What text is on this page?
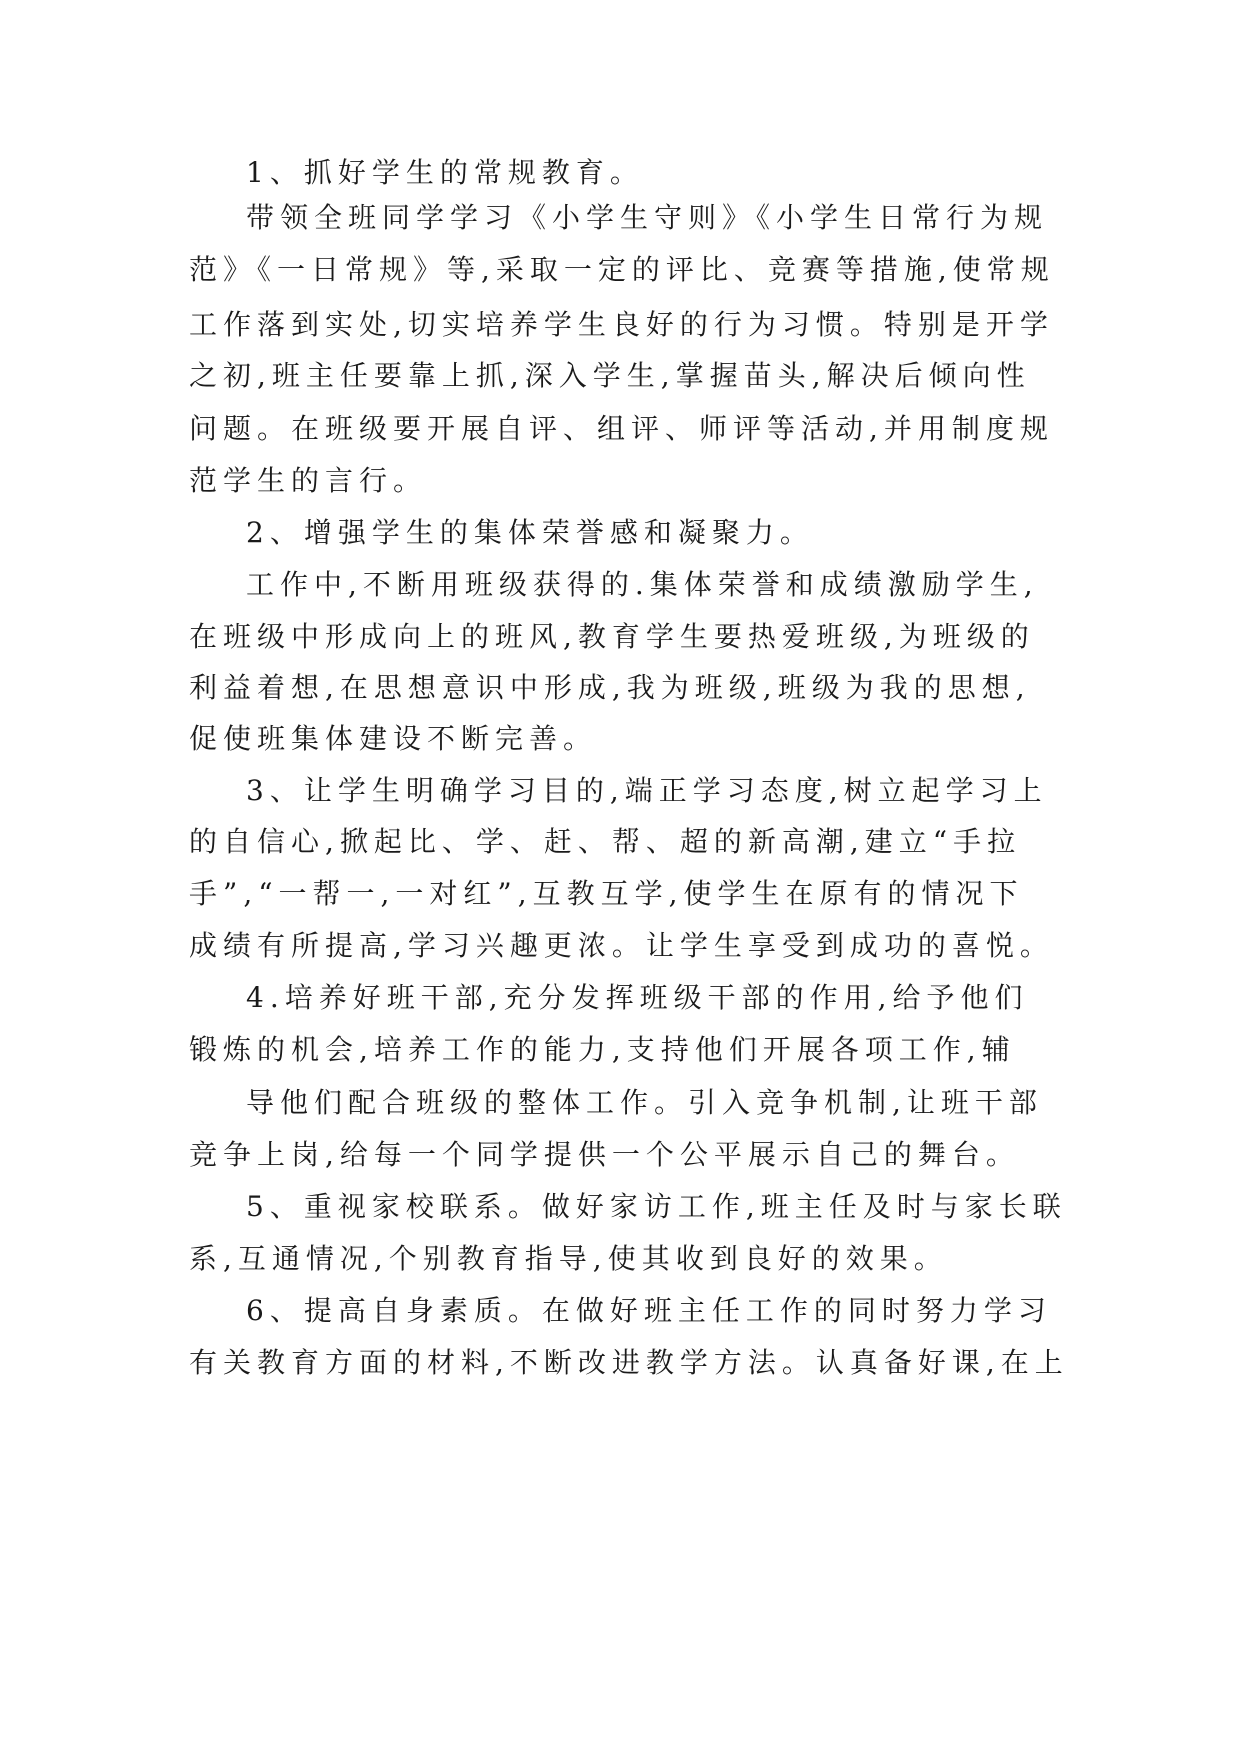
1、抓好学生的常规教育。
带领全班同学学习《小学生守则》《小学生日常行为规
范》《一日常规》等,采取一定的评比、竞赛等措施,使常规
工作落到实处,切实培养学生良好的行为习惯。特别是开学
之初,班主任要靠上抓,深入学生,掌握苗头,解决后倾向性
问题。在班级要开展自评、组评、师评等活动,并用制度规
范学生的言行。
2、增强学生的集体荣誉感和凝聚力。
工作中,不断用班级获得的.集体荣誉和成绩激励学生,
在班级中形成向上的班风,教育学生要热爱班级,为班级的
利益着想,在思想意识中形成,我为班级,班级为我的思想,
促使班集体建设不断完善。
3、让学生明确学习目的,端正学习态度,树立起学习上
的自信心,掀起比、学、赶、帮、超的新高潮,建立“手拉
手”,“一帮一,一对红”,互教互学,使学生在原有的情况下
成绩有所提高,学习兴趣更浓。让学生享受到成功的喜悦。
4.培养好班干部,充分发挥班级干部的作用,给予他们
锻炼的机会,培养工作的能力,支持他们开展各项工作,辅
导他们配合班级的整体工作。引入竞争机制,让班干部
竞争上岗,给每一个同学提供一个公平展示自己的舞台。
5、重视家校联系。做好家访工作,班主任及时与家长联
系,互通情况,个别教育指导,使其收到良好的效果。
6、提高自身素质。在做好班主任工作的同时努力学习
有关教育方面的材料,不断改进教学方法。认真备好课,在上
